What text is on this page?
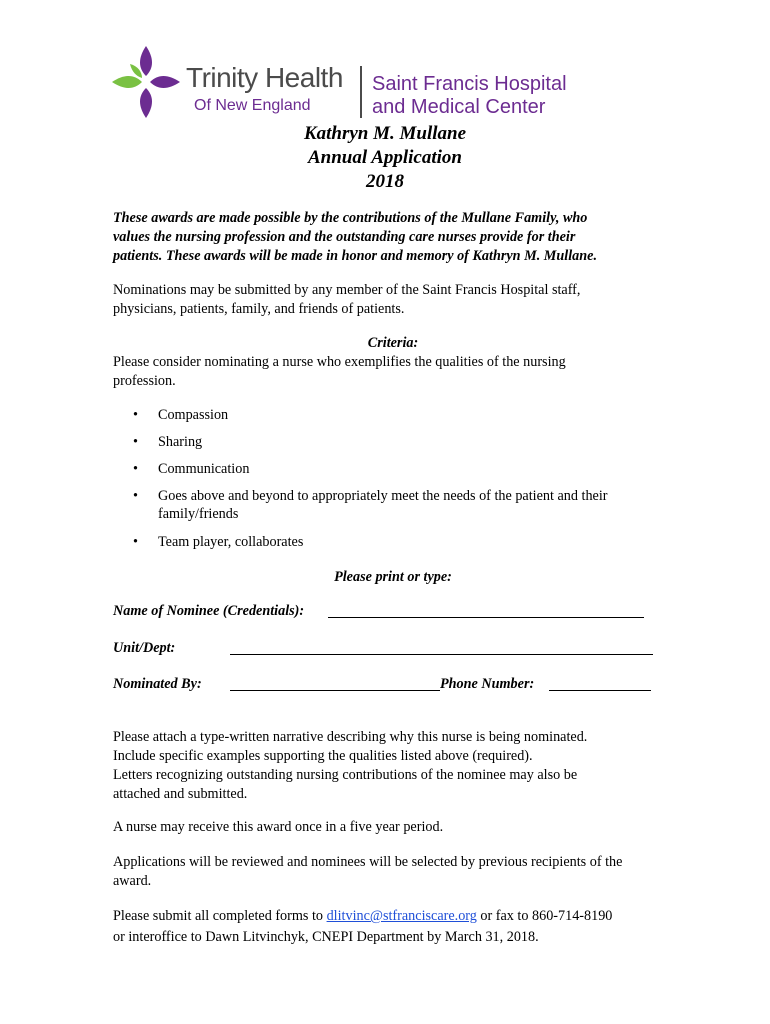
Trinity Health
Of New England
Saint Francis Hospital
and Medical Center
Kathryn M. Mullane
Annual Application
2018
These awards are made possible by the contributions of the Mullane Family, who
values the nursing profession and the outstanding care nurses provide for their
patients. These awards will be made in honor and memory of Kathryn M. Mullane.
Nominations may be submitted by any member of the Saint Francis Hospital staff,
physicians, patients, family, and friends of patients.
Criteria:
Please consider nominating a nurse who exemplifies the qualities of the nursing
profession.
• Compassion
• Sharing
• Communication
• Goes above and beyond to appropriately meet the needs of the patient and their
family/friends
• Team player, collaborates
Please print or type:
Name of Nominee (Credentials):
Unit/Dept:
Nominated By:	Phone Number:
Please attach a type-written narrative describing why this nurse is being nominated.
Include specific examples supporting the qualities listed above (required).
Letters recognizing outstanding nursing contributions of the nominee may also be
attached and submitted.
A nurse may receive this award once in a five year period.
Applications will be reviewed and nominees will be selected by previous recipients of the
award.
Please submit all completed forms to dlitvinc@stfranciscare.org or fax to 860-714-8190
or interoffice to Dawn Litvinchyk, CNEPI Department by March 31, 2018.
